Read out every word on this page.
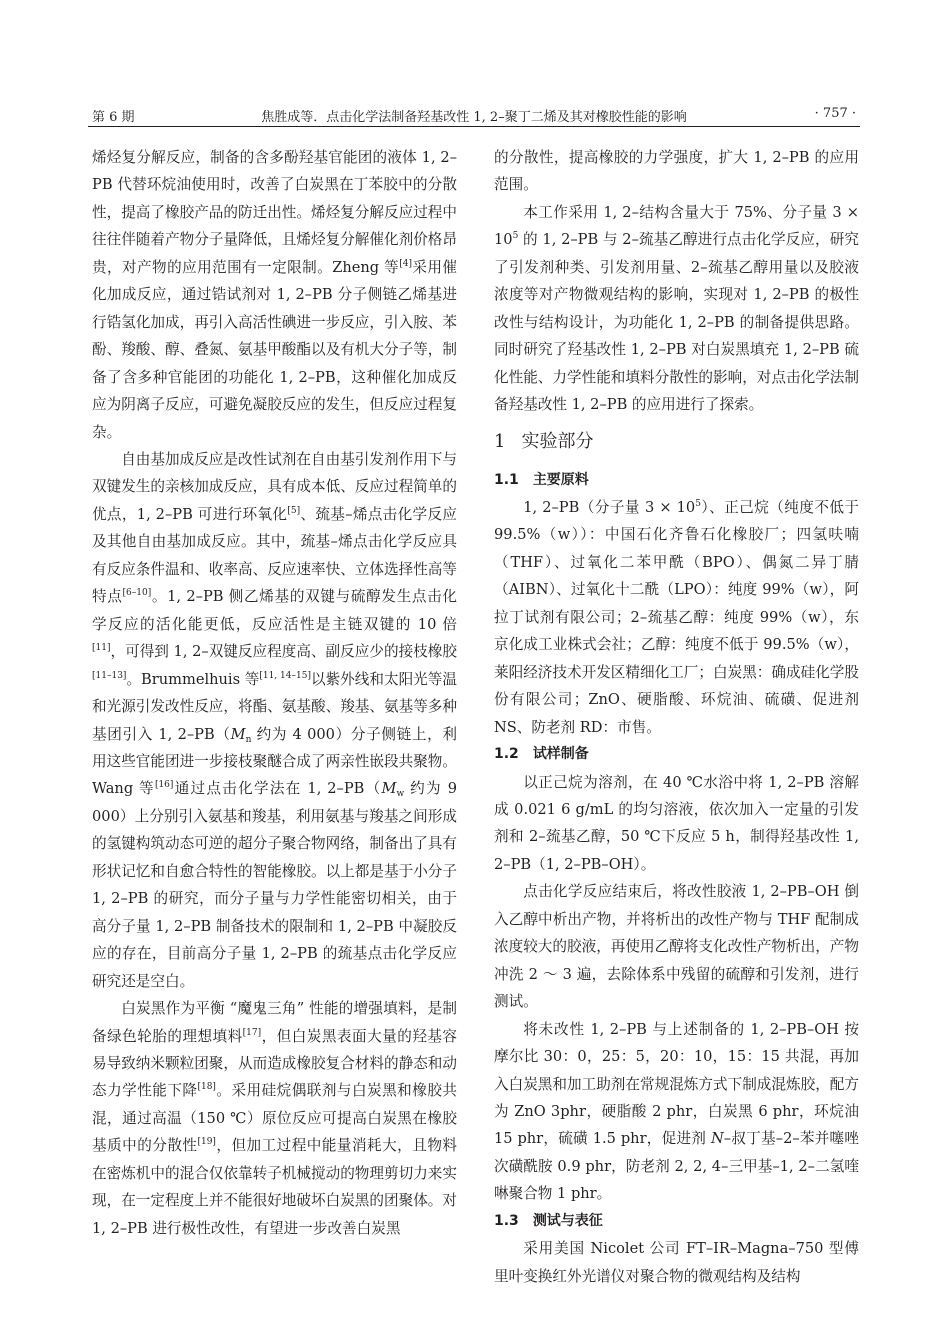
第 6 期	焦胜成等．点击化学法制备羟基改性 1, 2–聚丁二烯及其对橡胶性能的影响	· 757 ·

烯烃复分解反应，制备的含多酚羟基官能团的液体 1, 2–PB 代替环烷油使用时，改善了白炭黑在丁苯胶中的分散性，提高了橡胶产品的防迁出性。烯烃复分解反应过程中往往伴随着产物分子量降低，且烯烃复分解催化剂价格昂贵，对产物的应用范围有一定限制。Zheng 等[4]采用催化加成反应，通过锆试剂对 1, 2–PB 分子侧链乙烯基进行锆氢化加成，再引入高活性碘进一步反应，引入胺、苯酚、羧酸、醇、叠氮、氨基甲酸酯以及有机大分子等，制备了含多种官能团的功能化 1, 2–PB，这种催化加成反应为阴离子反应，可避免凝胶反应的发生，但反应过程复杂。

自由基加成反应是改性试剂在自由基引发剂作用下与双键发生的亲核加成反应，具有成本低、反应过程简单的优点，1, 2–PB 可进行环氧化[5]、巯基–烯点击化学反应及其他自由基加成反应。其中，巯基–烯点击化学反应具有反应条件温和、收率高、反应速率快、立体选择性高等特点[6–10]。1, 2–PB 侧乙烯基的双键与硫醇发生点击化学反应的活化能更低，反应活性是主链双键的 10 倍[11]，可得到 1, 2–双键反应程度高、副反应少的接枝橡胶[11–13]。Brummelhuis 等[11, 14–15]以紫外线和太阳光等温和光源引发改性反应，将酯、氨基酸、羧基、氨基等多种基团引入 1, $2-PB(M_n$ 约为 4 000）分子侧链上，利用这些官能团进一步接枝聚醚合成了两亲性嵌段共聚物。Wang 等[16]通过点击化学法在 1, $2-PB(M_w$ 约为 9 000）上分别引入氨基和羧基，利用氨基与羧基之间形成的氢键构筑动态可逆的超分子聚合物网络，制备出了具有形状记忆和自愈合特性的智能橡胶。以上都是基于小分子 1, 2–PB 的研究，而分子量与力学性能密切相关，由于高分子量 1, 2–PB 制备技术的限制和 1, 2–PB 中凝胶反应的存在，目前高分子量 1, 2–PB 的巯基点击化学反应研究还是空白。

白炭黑作为平衡 “魔鬼三角” 性能的增强填料，是制备绿色轮胎的理想填料[17]，但白炭黑表面大量的羟基容易导致纳米颗粒团聚，从而造成橡胶复合材料的静态和动态力学性能下降[18]。采用硅烷偶联剂与白炭黑和橡胶共混，通过高温（150 ℃）原位反应可提高白炭黑在橡胶基质中的分散性[19]，但加工过程中能量消耗大，且物料在密炼机中的混合仅依靠转子机械搅动的物理剪切力来实现，在一定程度上并不能很好地破坏白炭黑的团聚体。对 1, 2–PB 进行极性改性，有望进一步改善白炭黑

的分散性，提高橡胶的力学强度，扩大 1, 2–PB 的应用范围。

本工作采用 1, 2–结构含量大于 75%、分子量 $3 \times 10^5$ 的 1, 2–PB 与 2–巯基乙醇进行点击化学反应，研究了引发剂种类、引发剂用量、2–巯基乙醇用量以及胶液浓度等对产物微观结构的影响，实现对 1, 2–PB 的极性改性与结构设计，为功能化 1, 2–PB 的制备提供思路。同时研究了羟基改性 1, 2–PB 对白炭黑填充 1, 2–PB 硫化性能、力学性能和填料分散性的影响，对点击化学法制备羟基改性 1, 2–PB 的应用进行了探索。

1 实验部分
1.1 主要原料

1, 2–PB（分子量 $3 \times 10^5$）、正己烷（纯度不低于 99.5%（w））：中国石化齐鲁石化橡胶厂；四氢呋喃（THF）、过氧化二苯甲酰（BPO）、偶氮二异丁腈（AIBN）、过氧化十二酰（LPO）：纯度 99%（w），阿拉丁试剂有限公司；2–巯基乙醇：纯度 99%（w），东京化成工业株式会社；乙醇：纯度不低于 99.5%（w），莱阳经济技术开发区精细化工厂；白炭黑：确成硅化学股份有限公司；ZnO、硬脂酸、环烷油、硫磺、促进剂 NS、防老剂 RD：市售。

1.2 试样制备

以正己烷为溶剂，在 40 ℃水浴中将 1, 2–PB 溶解成 0.021 6 g/mL 的均匀溶液，依次加入一定量的引发剂和 2–巯基乙醇，50 ℃下反应 5 h，制得羟基改性 1, 2–PB（1, 2–PB–OH）。

点击化学反应结束后，将改性胶液 1, 2–PB–OH 倒入乙醇中析出产物，并将析出的改性产物与 THF 配制成浓度较大的胶液，再使用乙醇将支化改性产物析出，产物冲洗 2 ～ 3 遍，去除体系中残留的硫醇和引发剂，进行测试。

将未改性 1, 2–PB 与上述制备的 1, 2–PB–OH 按摩尔比 30：0，25：5，20：10，15：15 共混，再加入白炭黑和加工助剂在常规混炼方式下制成混炼胶，配方为 ZnO 3phr，硬脂酸 2 phr，白炭黑 6 phr，环烷油 15 phr，硫磺 1.5 phr，促进剂 N–叔丁基–2–苯并噻唑次磺酰胺 0.9 phr，防老剂 2, 2, 4–三甲基–1, 2–二氢喹啉聚合物 1 phr。

1.3 测试与表征

采用美国 Nicolet 公司 FT–IR–Magna–750 型傅里叶变换红外光谱仪对聚合物的微观结构及结构
